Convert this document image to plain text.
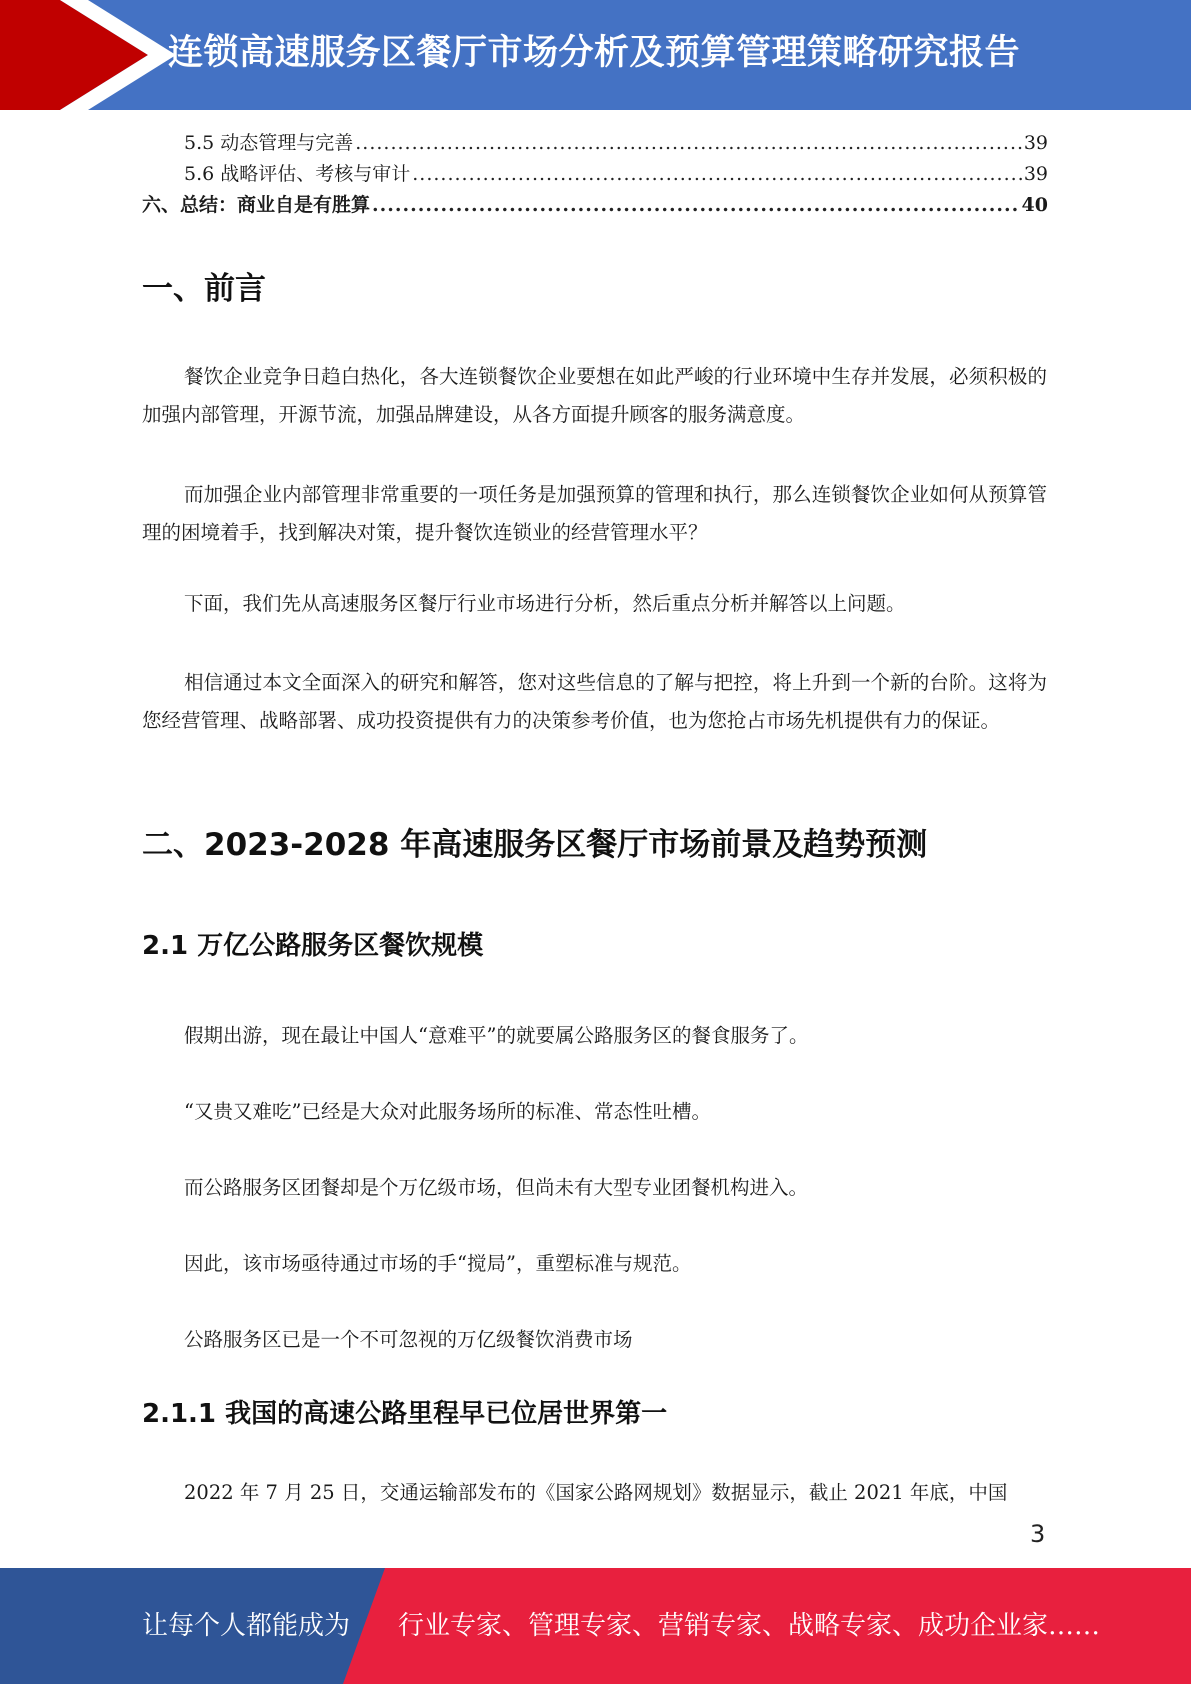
连锁高速服务区餐厅市场分析及预算管理策略研究报告
5.5 动态管理与完善 .....	39
5.6 战略评估、考核与审计 .....	39
六、总结：商业自是有胜算 .....	40
一、前言
餐饮企业竞争日趋白热化，各大连锁餐饮企业要想在如此严峻的行业环境中生存并发展，必须积极的加强内部管理，开源节流，加强品牌建设，从各方面提升顾客的服务满意度。
而加强企业内部管理非常重要的一项任务是加强预算的管理和执行，那么连锁餐饮企业如何从预算管理的困境着手，找到解决对策，提升餐饮连锁业的经营管理水平？
下面，我们先从高速服务区餐厅行业市场进行分析，然后重点分析并解答以上问题。
相信通过本文全面深入的研究和解答，您对这些信息的了解与把控，将上升到一个新的台阶。这将为您经营管理、战略部署、成功投资提供有力的决策参考价值，也为您抢占市场先机提供有力的保证。
二、2023-2028 年高速服务区餐厅市场前景及趋势预测
2.1 万亿公路服务区餐饮规模
假期出游，现在最让中国人“意难平”的就要属公路服务区的餐食服务了。
“又贵又难吃”已经是大众对此服务场所的标准、常态性吐槽。
而公路服务区团餐却是个万亿级市场，但尚未有大型专业团餐机构进入。
因此，该市场亟待通过市场的手“搅局”，重塑标准与规范。
公路服务区已是一个不可忽视的万亿级餐饮消费市场
2.1.1 我国的高速公路里程早已位居世界第一
2022 年 7 月 25 日，交通运输部发布的《国家公路网规划》数据显示，截止 2021 年底，中国
3
让每个人都能成为 行业专家、管理专家、营销专家、战略专家、成功企业家……
